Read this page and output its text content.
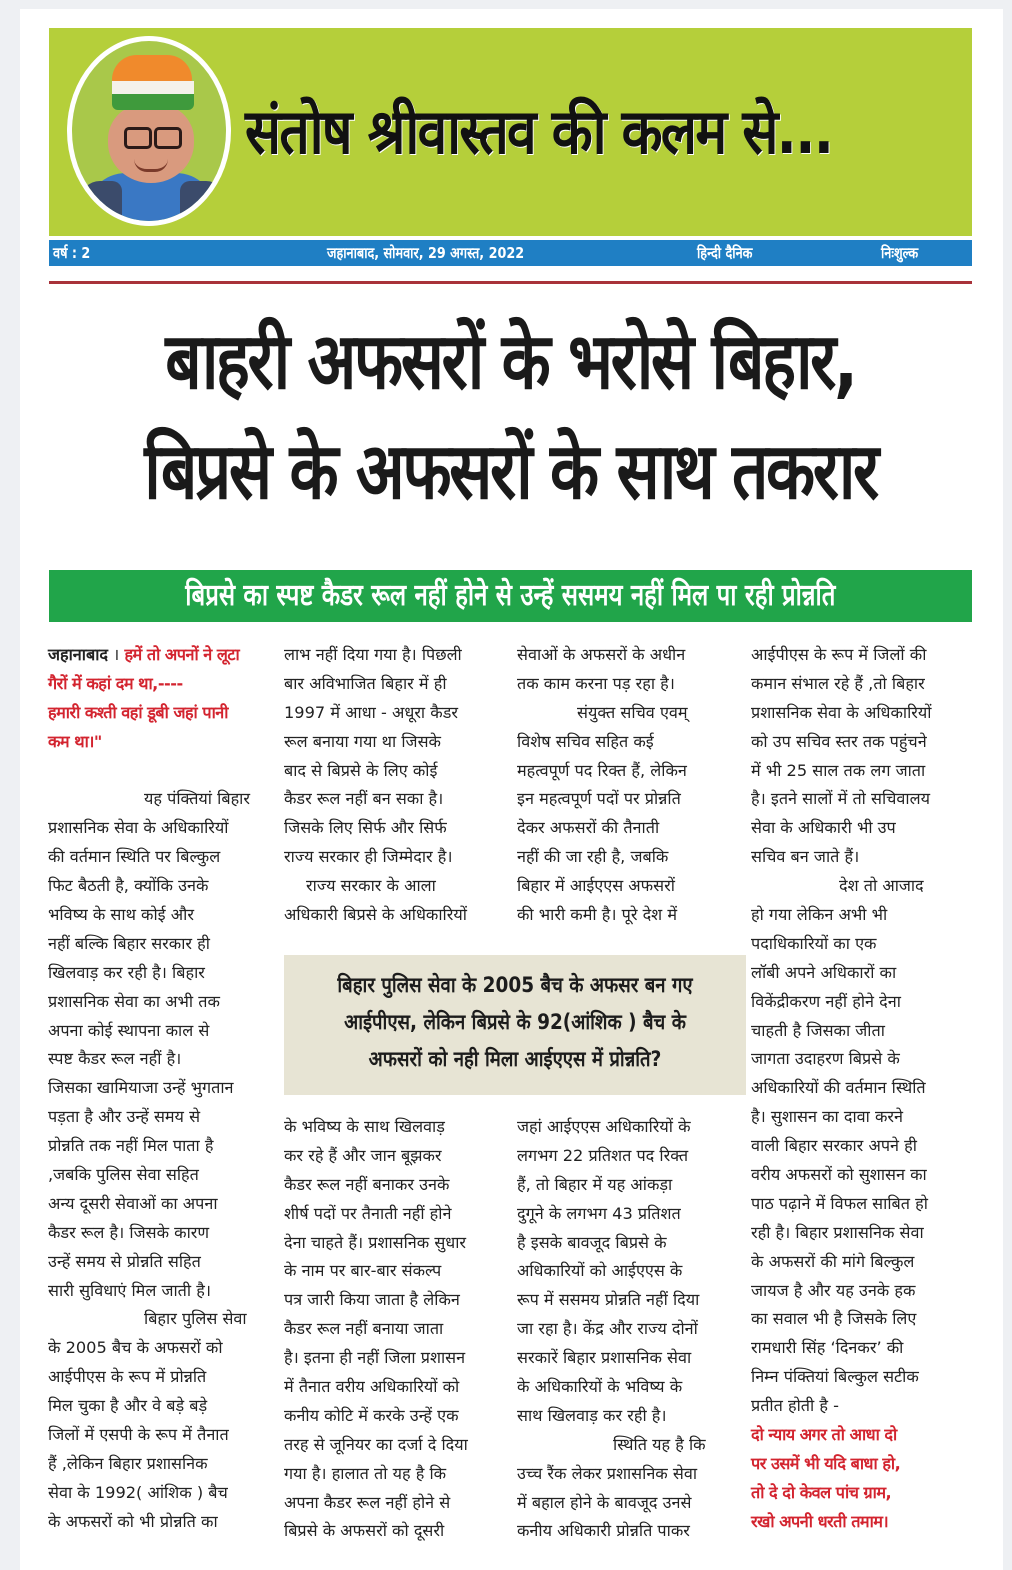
संतोष श्रीवास्तव की कलम से...
वर्ष : 2	जहानाबाद, सोमवार, 29 अगस्त, 2022	हिन्दी दैनिक	निःशुल्क
बाहरी अफसरों के भरोसे बिहार,
बिप्रसे के अफसरों के साथ तकरार
बिप्रसे का स्पष्ट कैडर रूल नहीं होने से उन्हें ससमय नहीं मिल पा रही प्रोन्नति
जहानाबाद । हमें तो अपनों ने लूटा
गैरों में कहां दम था,----
हमारी कश्ती वहां डूबी जहां पानी
कम था।"
यह पंक्तियां बिहार
प्रशासनिक सेवा के अधिकारियों
की वर्तमान स्थिति पर बिल्कुल
फिट बैठती है, क्योंकि उनके
भविष्य के साथ कोई और
नहीं बल्कि बिहार सरकार ही
खिलवाड़ कर रही है। बिहार
प्रशासनिक सेवा का अभी तक
अपना कोई स्थापना काल से
स्पष्ट कैडर रूल नहीं है।
जिसका खामियाजा उन्हें भुगतान
पड़ता है और उन्हें समय से
प्रोन्नति तक नहीं मिल पाता है
,जबकि पुलिस सेवा सहित
अन्य दूसरी सेवाओं का अपना
कैडर रूल है। जिसके कारण
उन्हें समय से प्रोन्नति सहित
सारी सुविधाएं मिल जाती है।
बिहार पुलिस सेवा
के 2005 बैच के अफसरों को
आईपीएस के रूप में प्रोन्नति
मिल चुका है और वे बड़े बड़े
जिलों में एसपी के रूप में तैनात
हैं ,लेकिन बिहार प्रशासनिक
सेवा के 1992( आंशिक ) बैच
के अफसरों को भी प्रोन्नति का
लाभ नहीं दिया गया है। पिछली
बार अविभाजित बिहार में ही
1997 में आधा - अधूरा कैडर
रूल बनाया गया था जिसके
बाद से बिप्रसे के लिए कोई
कैडर रूल नहीं बन सका है।
जिसके लिए सिर्फ और सिर्फ
राज्य सरकार ही जिम्मेदार है।
राज्य सरकार के आला
अधिकारी बिप्रसे के अधिकारियों
के भविष्य के साथ खिलवाड़
कर रहे हैं और जान बूझकर
कैडर रूल नहीं बनाकर उनके
शीर्ष पदों पर तैनाती नहीं होने
देना चाहते हैं। प्रशासनिक सुधार
के नाम पर बार-बार संकल्प
पत्र जारी किया जाता है लेकिन
कैडर रूल नहीं बनाया जाता
है। इतना ही नहीं जिला प्रशासन
में तैनात वरीय अधिकारियों को
कनीय कोटि में करके उन्हें एक
तरह से जूनियर का दर्जा दे दिया
गया है। हालात तो यह है कि
अपना कैडर रूल नहीं होने से
बिप्रसे के अफसरों को दूसरी
सेवाओं के अफसरों के अधीन
तक काम करना पड़ रहा है।
संयुक्त सचिव एवम्
विशेष सचिव सहित कई
महत्वपूर्ण पद रिक्त हैं, लेकिन
इन महत्वपूर्ण पदों पर प्रोन्नति
देकर अफसरों की तैनाती
नहीं की जा रही है, जबकि
बिहार में आईएएस अफसरों
की भारी कमी है। पूरे देश में
जहां आईएएस अधिकारियों के
लगभग 22 प्रतिशत पद रिक्त
हैं, तो बिहार में यह आंकड़ा
दुगूने के लगभग 43 प्रतिशत
है इसके बावजूद बिप्रसे के
अधिकारियों को आईएएस के
रूप में ससमय प्रोन्नति नहीं दिया
जा रहा है। केंद्र और राज्य दोनों
सरकारें बिहार प्रशासनिक सेवा
के अधिकारियों के भविष्य के
साथ खिलवाड़ कर रही है।
स्थिति यह है कि
उच्च रैंक लेकर प्रशासनिक सेवा
में बहाल होने के बावजूद उनसे
कनीय अधिकारी प्रोन्नति पाकर
आईपीएस के रूप में जिलों की
कमान संभाल रहे हैं ,तो बिहार
प्रशासनिक सेवा के अधिकारियों
को उप सचिव स्तर तक पहुंचने
में भी 25 साल तक लग जाता
है। इतने सालों में तो सचिवालय
सेवा के अधिकारी भी उप
सचिव बन जाते हैं।
देश तो आजाद
हो गया लेकिन अभी भी
पदाधिकारियों का एक
लॉबी अपने अधिकारों का
विकेंद्रीकरण नहीं होने देना
चाहती है जिसका जीता
जागता उदाहरण बिप्रसे के
अधिकारियों की वर्तमान स्थिति
है। सुशासन का दावा करने
वाली बिहार सरकार अपने ही
वरीय अफसरों को सुशासन का
पाठ पढ़ाने में विफल साबित हो
रही है। बिहार प्रशासनिक सेवा
के अफसरों की मांगे बिल्कुल
जायज है और यह उनके हक
का सवाल भी है जिसके लिए
रामधारी सिंह ‘दिनकर’ की
निम्न पंक्तियां बिल्कुल सटीक
प्रतीत होती है -
दो न्याय अगर तो आधा दो
पर उसमें भी यदि बाधा हो,
तो दे दो केवल पांच ग्राम,
रखो अपनी धरती तमाम।
बिहार पुलिस सेवा के 2005 बैच के अफसर बन गए
आईपीएस, लेकिन बिप्रसे के 92(आंशिक ) बैच के
अफसरों को नही मिला आईएएस में प्रोन्नति?
